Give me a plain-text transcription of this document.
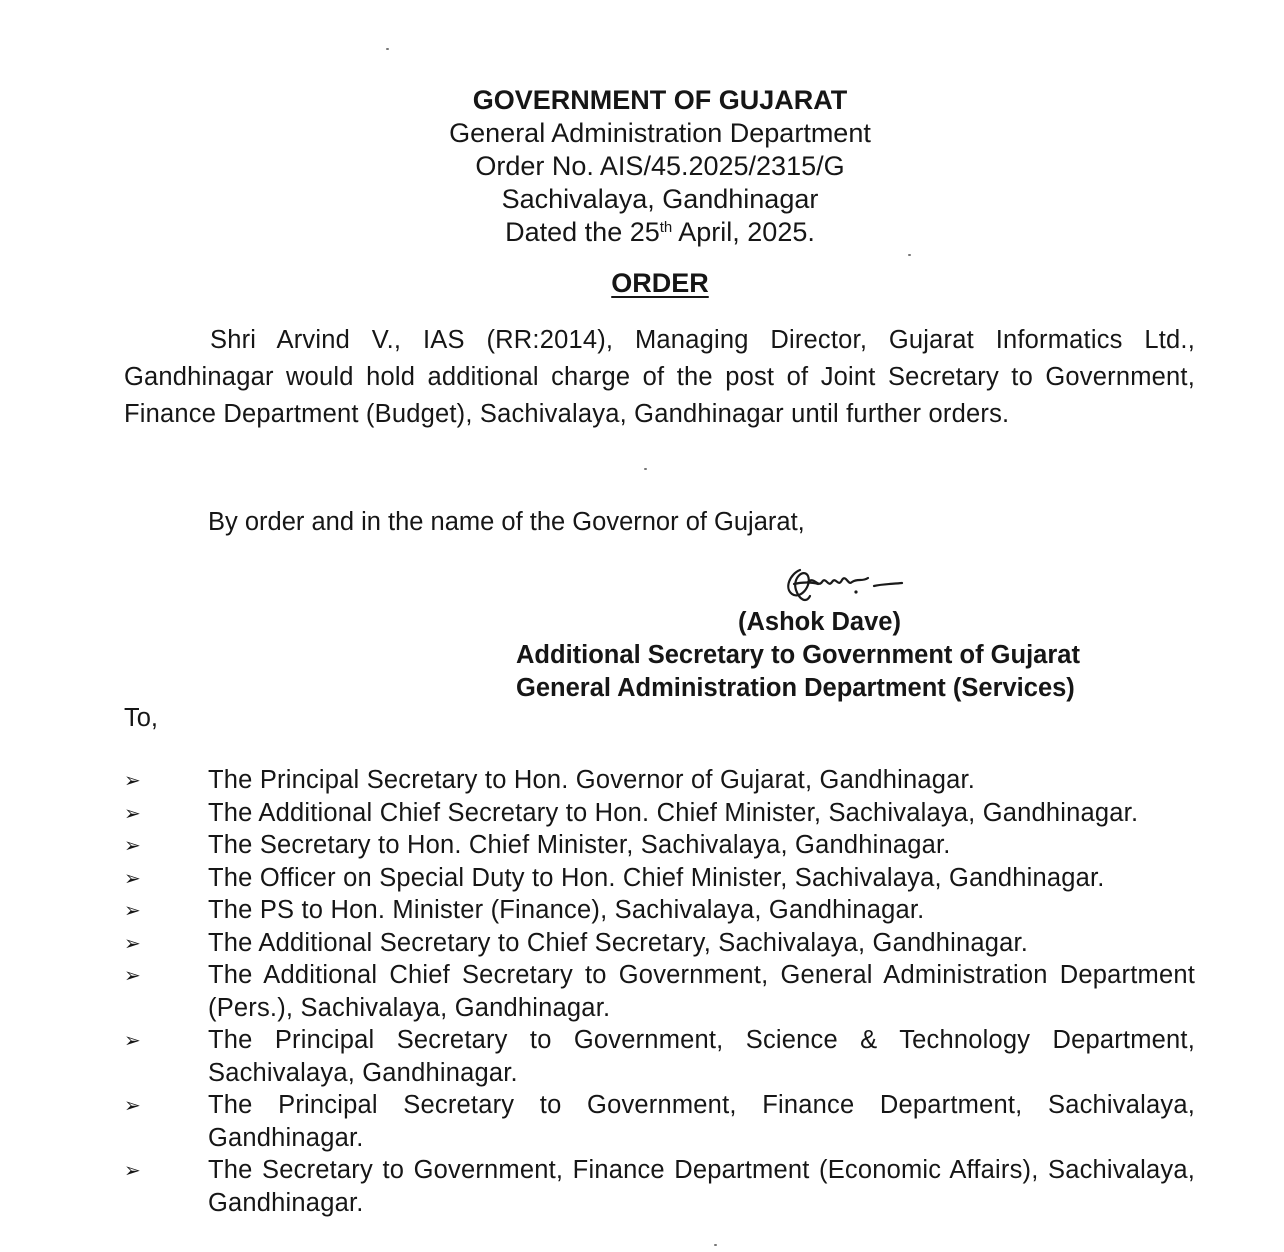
GOVERNMENT OF GUJARAT
General Administration Department
Order No. AIS/45.2025/2315/G
Sachivalaya, Gandhinagar
Dated the 25th April, 2025.
ORDER

Shri Arvind V., IAS (RR:2014), Managing Director, Gujarat Informatics Ltd., Gandhinagar would hold additional charge of the post of Joint Secretary to Government, Finance Department (Budget), Sachivalaya, Gandhinagar until further orders.

By order and in the name of the Governor of Gujarat,
(Ashok Dave)
Additional Secretary to Government of Gujarat
General Administration Department (Services)
To,
➢	The Principal Secretary to Hon. Governor of Gujarat, Gandhinagar.
➢	The Additional Chief Secretary to Hon. Chief Minister, Sachivalaya, Gandhinagar.
➢	The Secretary to Hon. Chief Minister, Sachivalaya, Gandhinagar.
➢	The Officer on Special Duty to Hon. Chief Minister, Sachivalaya, Gandhinagar.
➢	The PS to Hon. Minister (Finance), Sachivalaya, Gandhinagar.
➢	The Additional Secretary to Chief Secretary, Sachivalaya, Gandhinagar.
➢	The Additional Chief Secretary to Government, General Administration Department (Pers.), Sachivalaya, Gandhinagar.
➢	The Principal Secretary to Government, Science & Technology Department, Sachivalaya, Gandhinagar.
➢	The Principal Secretary to Government, Finance Department, Sachivalaya, Gandhinagar.
➢	The Secretary to Government, Finance Department (Economic Affairs), Sachivalaya, Gandhinagar.
